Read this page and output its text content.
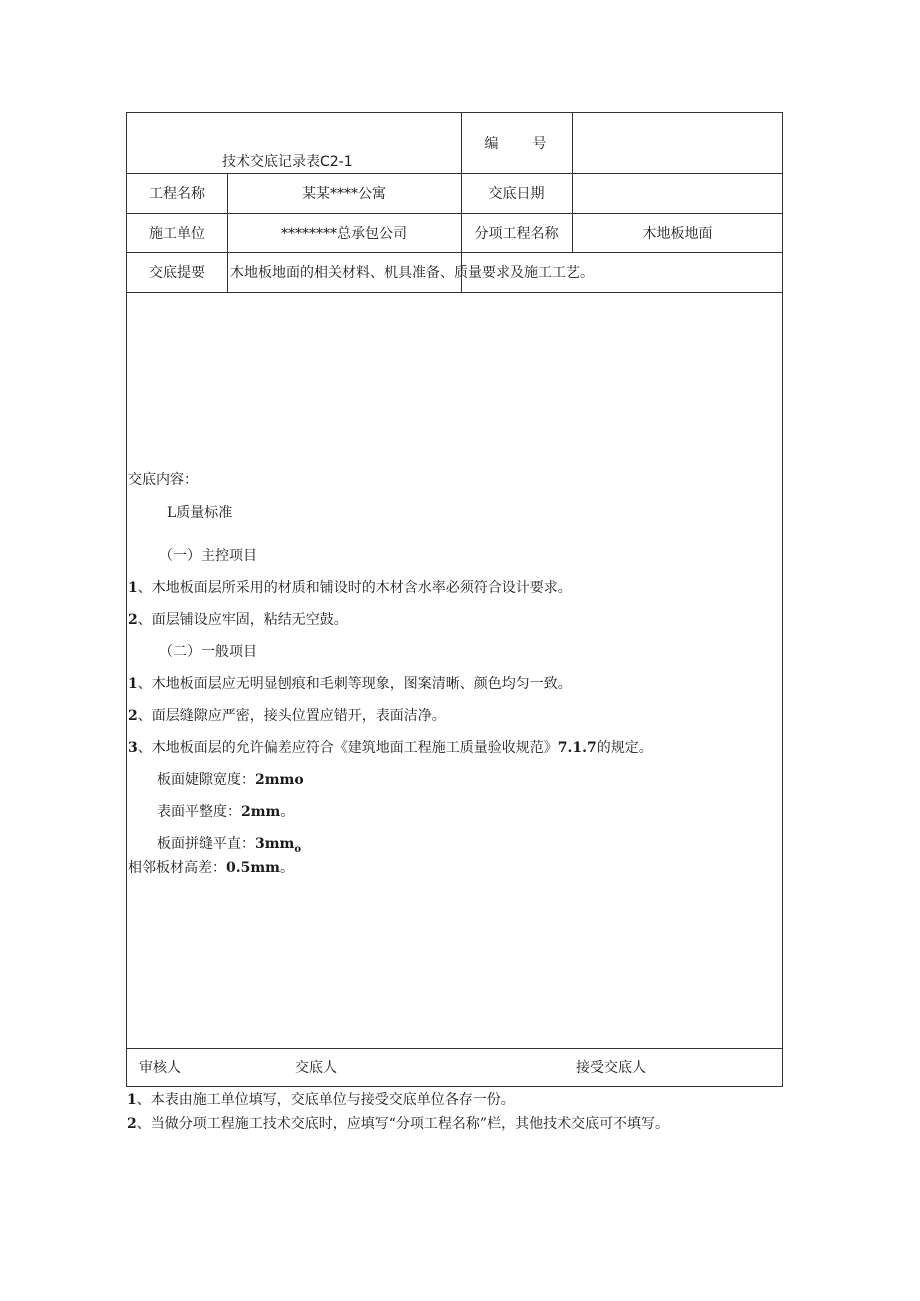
技术交底记录表C2-1
编　　号
工程名称	某某****公寓	交底日期
施工单位	********总承包公司	分项工程名称	木地板地面
交底提要	木地板地面的相关材料、机具准备、质量要求及施工工艺。
交底内容：
L质量标准
（一）主控项目
1、木地板面层所采用的材质和铺设时的木材含水率必须符合设计要求。
2、面层铺设应牢固，粘结无空鼓。
（二）一般项目
1、木地板面层应无明显刨痕和毛刺等现象，图案清晰、颜色均匀一致。
2、面层缝隙应严密，接头位置应错开，表面洁净。
3、木地板面层的允许偏差应符合《建筑地面工程施工质量验收规范》7.1.7的规定。
板面婕隙宽度：2mmo
表面平整度：2mm。
板面拼缝平直：$3mm_o$
相邻板材高差：0.5mm。
审核人	交底人	接受交底人
1、本表由施工单位填写，交底单位与接受交底单位各存一份。
2、当做分项工程施工技术交底时，应填写“分项工程名称”栏，其他技术交底可不填写。
